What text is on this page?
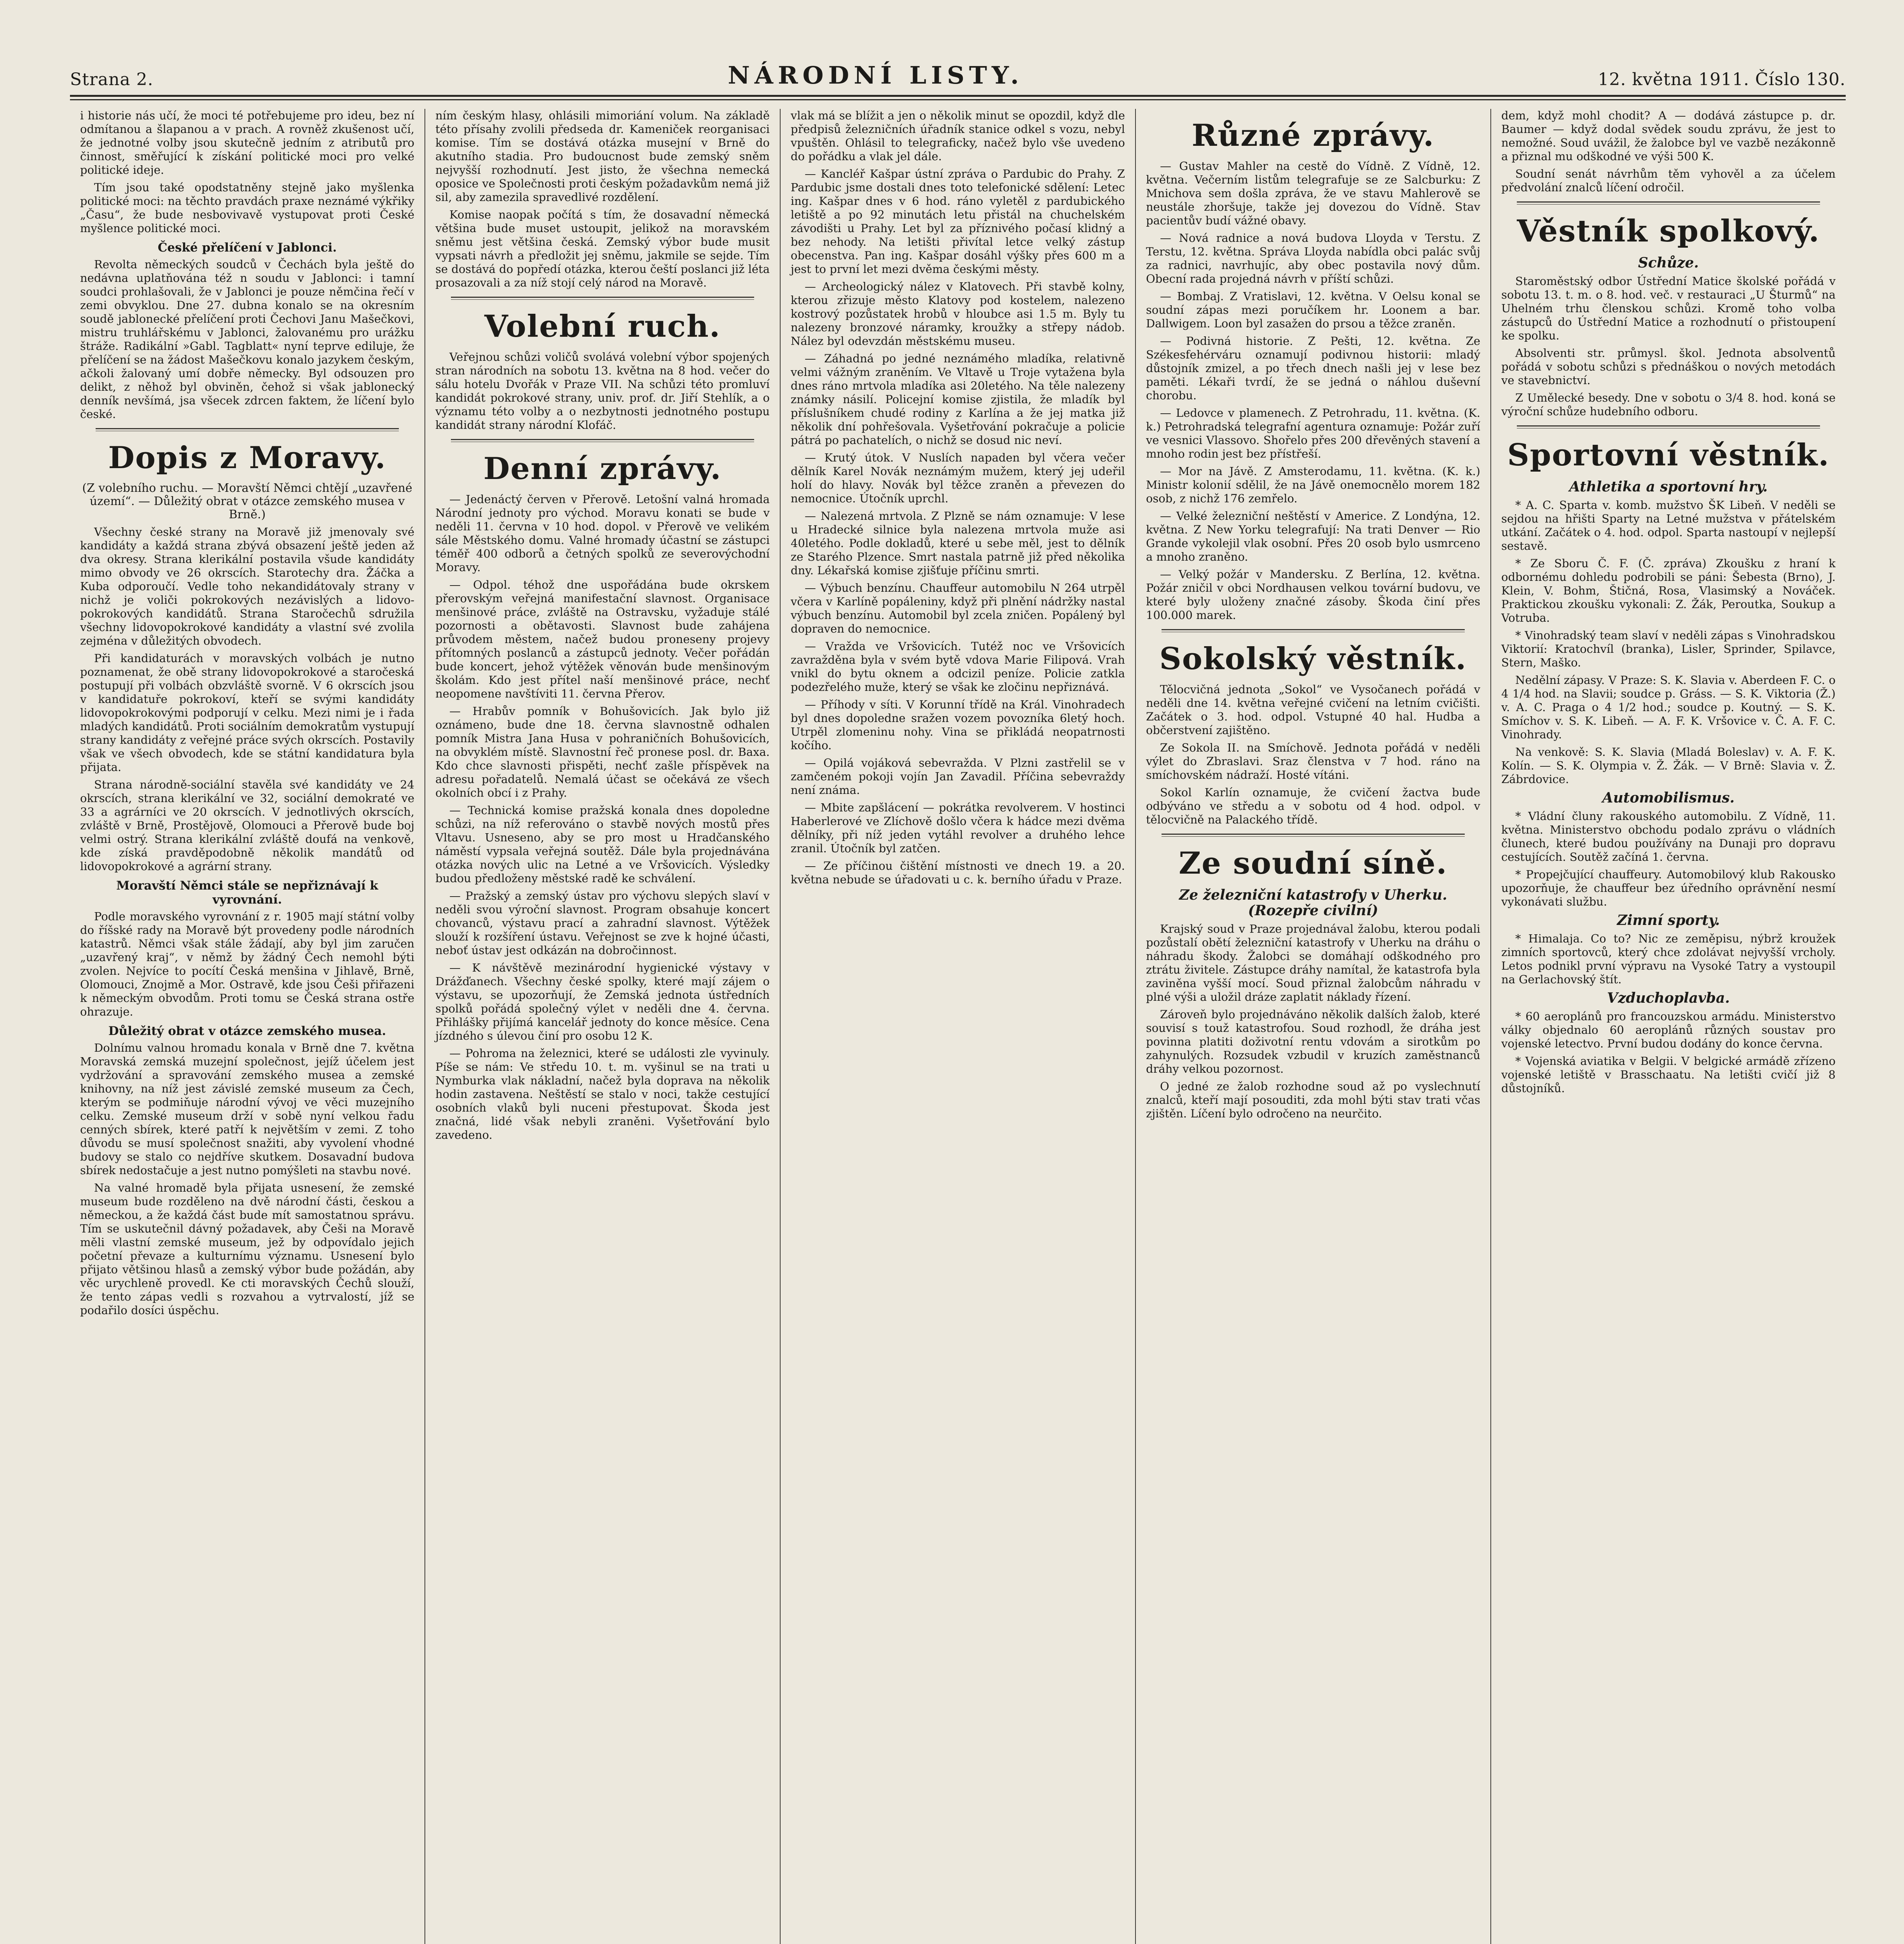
Strana 2.	NÁRODNÍ LISTY.	12. května 1911. Číslo 130.

i historie nás učí, že moci té potřebujeme pro ideu, bez ní odmítanou a šlapanou a v prach. A rovněž zkušenost učí, že jednotné volby jsou skutečně jedním z atributů pro činnost, směřující k získání politické moci pro velké politické ideje.

Tím jsou také opodstatněny stejně jako myšlenka politické moci: na těchto pravdách praxe neznámé výkřiky „Času“, že bude nesbovivavě vystupovat proti České myšlence politické moci.

České přelíčení v Jablonci.

Revolta německých soudců v Čechách byla ještě do nedávna uplatňována též n soudu v Jablonci: i tamní soudci prohlašovali, že v Jablonci je pouze němčina řečí v zemi obvyklou. Dne 27. dubna konalo se na okresním soudě jablonecké přelíčení proti Čechovi Janu Mašečkovi, mistru truhlářskému v Jablonci, žalovanému pro urážku štráže. Radikální »Gabl. Tagblatt« nyní teprve ediluje, že přelíčení se na žádost Mašečkovu konalo jazykem českým, ačkoli žalovaný umí dobře německy. Byl odsouzen pro delikt, z něhož byl obviněn, čehož si však jablonecký denník nevšímá, jsa všecek zdrcen faktem, že líčení bylo české.

Dopis z Moravy.
(Z volebního ruchu. — Moravští Němci chtějí „uzavřené území“. — Důležitý obrat v otázce zemského musea v Brně.)

Všechny české strany na Moravě již jmenovaly své kandidáty a každá strana zbývá obsazení ještě jeden až dva okresy. Strana klerikální postavila všude kandidáty mimo obvody ve 26 okrscích. Starotechy dra. Žáčka a Kuba odporoučí. Vedle toho nekandidátovaly strany v nichž je voliči pokrokových nezávislých a lidovopokrokových kandidátů. Strana Staročechů sdružila všechny lidovopokrokové kandidáty a vlastní své zvolila zejména v důležitých obvodech.

Při kandidaturách v moravských volbách je nutno poznamenat, že obě strany lidovopokrokové a staročeská postupují při volbách obzvláště svorně. V 6 okrscích jsou v kandidatuře pokrokoví, kteří se svými kandidáty lidovopokrokovými podporují v celku. Mezi nimi je i řada mladých kandidátů. Proti sociálním demokratům vystupují strany kandidáty z veřejné práce svých okrscích. Postavily však ve všech obvodech, kde se státní kandidatura byla přijata.

Strana národně-sociální stavěla své kandidáty ve 24 okrscích, strana klerikální ve 32, sociální demokraté ve 33 a agrárníci ve 20 okrscích. V jednotlivých okrscích, zvláště v Brně, Prostějově, Olomouci a Přerově bude boj velmi ostrý. Strana klerikální zvláště doufá na venkově, kde získá pravděpodobně několik mandátů od lidovopokrokové a agrární strany.

Moravští Němci stále se nepřiznávají k vyrovnání.

Podle moravského vyrovnání z r. 1905 mají státní volby do říšské rady na Moravě být provedeny podle národních katastrů. Němci však stále žádají, aby byl jim zaručen „uzavřený kraj“, v němž by žádný Čech nemohl býti zvolen. Nejvíce to pocítí Česká menšina v Jihlavě, Brně, Olomouci, Znojmě a Mor. Ostravě, kde jsou Češi přiřazeni k německým obvodům. Proti tomu se Česká strana ostře ohrazuje.

Důležitý obrat v otázce zemského musea.

Dolnímu valnou hromadu konala v Brně dne 7. května Moravská zemská muzejní společnost, jejíž účelem jest vydržování a spravování zemského musea a zemské knihovny, na níž jest závislé zemské museum za Čech, kterým se podmiňuje národní vývoj ve věci muzejního celku. Zemské museum drží v sobě nyní velkou řadu cenných sbírek, které patří k největším v zemi. Z toho důvodu se musí společnost snažiti, aby vyvolení vhodné budovy se stalo co nejdříve skutkem. Dosavadní budova sbírek nedostačuje a jest nutno pomýšleti na stavbu nové.

Na valné hromadě byla přijata usnesení, že zemské museum bude rozděleno na dvě národní části, českou a německou, a že každá část bude mít samostatnou správu. Tím se uskutečnil dávný požadavek, aby Češi na Moravě měli vlastní zemské museum, jež by odpovídalo jejich početní převaze a kulturnímu významu. Usnesení bylo přijato většinou hlasů a zemský výbor bude požádán, aby věc urychleně provedl. Ke cti moravských Čechů slouží, že tento zápas vedli s rozvahou a vytrvalostí, jíž se podařilo dosíci úspěchu.

ním českým hlasy, ohlásili mimoriání volum. Na základě této přísahy zvolili předseda dr. Kameniček reorganisaci komise. Tím se dostává otázka musejní v Brně do akutního stadia. Pro budoucnost bude zemský sněm nejvyšší rozhodnutí. Jest jisto, že všechna nemecká oposice ve Společnosti proti českým požadavkům nemá již sil, aby zamezila spravedlivé rozdělení.

Komise naopak počítá s tím, že dosavadní německá většina bude muset ustoupit, jelikož na moravském sněmu jest většina česká. Zemský výbor bude musit vypsati návrh a předložit jej sněmu, jakmile se sejde. Tím se dostává do popředí otázka, kterou čeští poslanci již léta prosazovali a za níž stojí celý národ na Moravě.

Volební ruch.

Veřejnou schůzi voličů svolává volební výbor spojených stran národních na sobotu 13. května na 8 hod. večer do sálu hotelu Dvořák v Praze VII. Na schůzi této promluví kandidát pokrokové strany, univ. prof. dr. Jiří Stehlík, a o významu této volby a o nezbytnosti jednotného postupu kandidát strany národní Klofáč.

Denní zprávy.

— Jedenáctý červen v Přerově. Letošní valná hromada Národní jednoty pro východ. Moravu konati se bude v neděli 11. června v 10 hod. dopol. v Přerově ve velikém sále Městského domu. Valné hromady účastní se zástupci téměř 400 odborů a četných spolků ze severovýchodní Moravy.

— Odpol. téhož dne uspořádána bude okrskem přerovským veřejná manifestační slavnost. Organisace menšinové práce, zvláště na Ostravsku, vyžaduje stálé pozornosti a obětavosti. Slavnost bude zahájena průvodem městem, načež budou proneseny projevy přítomných poslanců a zástupců jednoty. Večer pořádán bude koncert, jehož výtěžek věnován bude menšinovým školám. Kdo jest přítel naší menšinové práce, nechť neopomene navštíviti 11. června Přerov.

— Hrabův pomník v Bohušovicích. Jak bylo již oznámeno, bude dne 18. června slavnostně odhalen pomník Mistra Jana Husa v pohraničních Bohušovicích, na obvyklém místě. Slavnostní řeč pronese posl. dr. Baxa. Kdo chce slavnosti přispěti, nechť zašle příspěvek na adresu pořadatelů. Nemalá účast se očekává ze všech okolních obcí i z Prahy.

— Technická komise pražská konala dnes dopoledne schůzi, na níž referováno o stavbě nových mostů přes Vltavu. Usneseno, aby se pro most u Hradčanského náměstí vypsala veřejná soutěž. Dále byla projednávána otázka nových ulic na Letné a ve Vršovicích. Výsledky budou předloženy městské radě ke schválení.

— Pražský a zemský ústav pro výchovu slepých slaví v neděli svou výroční slavnost. Program obsahuje koncert chovanců, výstavu prací a zahradní slavnost. Výtěžek slouží k rozšíření ústavu. Veřejnost se zve k hojné účasti, neboť ústav jest odkázán na dobročinnost.

— K návštěvě mezinárodní hygienické výstavy v Drážďanech. Všechny české spolky, které mají zájem o výstavu, se upozorňují, že Zemská jednota ústředních spolků pořádá společný výlet v neděli dne 4. června. Přihlášky přijímá kancelář jednoty do konce měsíce. Cena jízdného s úlevou činí pro osobu 12 K.

— Pohroma na železnici, které se události zle vyvinuly. Píše se nám: Ve středu 10. t. m. vyšinul se na trati u Nymburka vlak nákladní, načež byla doprava na několik hodin zastavena. Neštěstí se stalo v noci, takže cestující osobních vlaků byli nuceni přestupovat. Škoda jest značná, lidé však nebyli zraněni. Vyšetřování bylo zavedeno.

vlak má se blížit a jen o několik minut se opozdil, když dle předpisů železničních úřadník stanice odkel s vozu, nebyl vpuštěn. Ohlásil to telegraficky, načež bylo vše uvedeno do pořádku a vlak jel dále.

— Kancléř Kašpar ústní zpráva o Pardubic do Prahy. Z Pardubic jsme dostali dnes toto telefonické sdělení: Letec ing. Kašpar dnes v 6 hod. ráno vyletěl z pardubického letiště a po 92 minutách letu přistál na chuchelském závodišti u Prahy. Let byl za příznivého počasí klidný a bez nehody. Na letišti přivítal letce velký zástup obecenstva. Pan ing. Kašpar dosáhl výšky přes 600 m a jest to první let mezi dvěma českými městy.

— Archeologický nález v Klatovech. Při stavbě kolny, kterou zřizuje město Klatovy pod kostelem, nalezeno kostrový pozůstatek hrobů v hloubce asi 1.5 m. Byly tu nalezeny bronzové náramky, kroužky a střepy nádob. Nález byl odevzdán městskému museu.

— Záhadná po jedné neznámého mladíka, relativně velmi vážným zraněním. Ve Vltavě u Troje vytažena byla dnes ráno mrtvola mladíka asi 20letého. Na těle nalezeny známky násilí. Policejní komise zjistila, že mladík byl příslušníkem chudé rodiny z Karlína a že jej matka již několik dní pohřešovala. Vyšetřování pokračuje a policie pátrá po pachatelích, o nichž se dosud nic neví.

— Krutý útok. V Nuslích napaden byl včera večer dělník Karel Novák neznámým mužem, který jej udeřil holí do hlavy. Novák byl těžce zraněn a převezen do nemocnice. Útočník uprchl.

— Nalezená mrtvola. Z Plzně se nám oznamuje: V lese u Hradecké silnice byla nalezena mrtvola muže asi 40letého. Podle dokladů, které u sebe měl, jest to dělník ze Starého Plzence. Smrt nastala patrně již před několika dny. Lékařská komise zjišťuje příčinu smrti.

— Výbuch benzínu. Chauffeur automobilu N 264 utrpěl včera v Karlíně popáleniny, když při plnění nádržky nastal výbuch benzínu. Automobil byl zcela zničen. Popálený byl dopraven do nemocnice.

— Vražda ve Vršovicích. Tutéž noc ve Vršovicích zavražděna byla v svém bytě vdova Marie Filipová. Vrah vnikl do bytu oknem a odcizil peníze. Policie zatkla podezřelého muže, který se však ke zločinu nepřiznává.

— Příhody v síti. V Korunní třídě na Král. Vinohradech byl dnes dopoledne sražen vozem povozníka 6letý hoch. Utrpěl zlomeninu nohy. Vina se přikládá neopatrnosti kočího.

— Opilá vojáková sebevražda. V Plzni zastřelil se v zamčeném pokoji vojín Jan Zavadil. Příčina sebevraždy není známa.

— Mbite zapšlácení — pokrátka revolverem. V hostinci Haberlerové ve Zlíchově došlo včera k hádce mezi dvěma dělníky, při níž jeden vytáhl revolver a druhého lehce zranil. Útočník byl zatčen.

— Ze příčinou čištění místnosti ve dnech 19. a 20. května nebude se úřadovati u c. k. berního úřadu v Praze.

Různé zprávy.

— Gustav Mahler na cestě do Vídně. Z Vídně, 12. května. Večerním listům telegrafuje se ze Salcburku: Z Mnichova sem došla zpráva, že ve stavu Mahlerově se neustále zhoršuje, takže jej dovezou do Vídně. Stav pacientův budí vážné obavy.

— Nová radnice a nová budova Lloyda v Terstu. Z Terstu, 12. května. Správa Lloyda nabídla obci palác svůj za radnici, navrhujíc, aby obec postavila nový dům. Obecní rada projedná návrh v příští schůzi.

— Bombaj. Z Vratislavi, 12. května. V Oelsu konal se soudní zápas mezi poručíkem hr. Loonem a bar. Dallwigem. Loon byl zasažen do prsou a těžce zraněn.

— Podivná historie. Z Pešti, 12. května. Ze Székesfehérváru oznamují podivnou historii: mladý důstojník zmizel, a po třech dnech našli jej v lese bez paměti. Lékaři tvrdí, že se jedná o náhlou duševní chorobu.

— Ledovce v plamenech. Z Petrohradu, 11. května. (K. k.) Petrohradská telegrafní agentura oznamuje: Požár zuří ve vesnici Vlassovo. Shořelo přes 200 dřevěných stavení a mnoho rodin jest bez přístřeší.

— Mor na Jávě. Z Amsterodamu, 11. května. (K. k.) Ministr kolonií sdělil, že na Jávě onemocnělo morem 182 osob, z nichž 176 zemřelo.

— Velké železniční neštěstí v Americe. Z Londýna, 12. května. Z New Yorku telegrafují: Na trati Denver — Rio Grande vykolejil vlak osobní. Přes 20 osob bylo usmrceno a mnoho zraněno.

— Velký požár v Mandersku. Z Berlína, 12. května. Požár zničil v obci Nordhausen velkou tovární budovu, ve které byly uloženy značné zásoby. Škoda činí přes 100.000 marek.

Sokolský věstník.

Tělocvičná jednota „Sokol“ ve Vysočanech pořádá v neděli dne 14. května veřejné cvičení na letním cvičišti. Začátek o 3. hod. odpol. Vstupné 40 hal. Hudba a občerstvení zajištěno.

Ze Sokola II. na Smíchově. Jednota pořádá v neděli výlet do Zbraslavi. Sraz členstva v 7 hod. ráno na smíchovském nádraží. Hosté vítáni.

Sokol Karlín oznamuje, že cvičení žactva bude odbýváno ve středu a v sobotu od 4 hod. odpol. v tělocvičně na Palackého třídě.

Ze soudní síně.
Ze železniční katastrofy v Uherku. (Rozepře civilní)

Krajský soud v Praze projednával žalobu, kterou podali pozůstalí obětí železniční katastrofy v Uherku na dráhu o náhradu škody. Žalobci se domáhají odškodného pro ztrátu živitele. Zástupce dráhy namítal, že katastrofa byla zaviněna vyšší mocí. Soud přiznal žalobcům náhradu v plné výši a uložil dráze zaplatit náklady řízení.

Zároveň bylo projednáváno několik dalších žalob, které souvisí s touž katastrofou. Soud rozhodl, že dráha jest povinna platiti doživotní rentu vdovám a sirotkům po zahynulých. Rozsudek vzbudil v kruzích zaměstnanců dráhy velkou pozornost.

O jedné ze žalob rozhodne soud až po vyslechnutí znalců, kteří mají posouditi, zda mohl býti stav trati včas zjištěn. Líčení bylo odročeno na neurčito.

dem, když mohl chodit? A — dodává zástupce p. dr. Baumer — když dodal svědek soudu zprávu, že jest to nemožné. Soud uvážil, že žalobce byl ve vazbě nezákonně a přiznal mu odškodné ve výši 500 K.

Soudní senát návrhům těm vyhověl a za účelem předvolání znalců líčení odročil.

Věstník spolkový.
Schůze.

Staroměstský odbor Ústřední Matice školské pořádá v sobotu 13. t. m. o 8. hod. več. v restauraci „U Šturmů“ na Uhelném trhu členskou schůzi. Kromě toho volba zástupců do Ústřední Matice a rozhodnutí o přistoupení ke spolku.

Absolventi str. průmysl. škol. Jednota absolventů pořádá v sobotu schůzi s přednáškou o nových metodách ve stavebnictví.

Z Umělecké besedy. Dne v sobotu o 3/4 8. hod. koná se výroční schůze hudebního odboru.

Sportovní věstník.
Athletika a sportovní hry.

* A. C. Sparta v. komb. mužstvo ŠK Libeň. V neděli se sejdou na hřišti Sparty na Letné mužstva v přátelském utkání. Začátek o 4. hod. odpol. Sparta nastoupí v nejlepší sestavě.

* Ze Sboru Č. F. (Č. zpráva) Zkoušku z hraní k odbornému dohledu podrobili se páni: Šebesta (Brno), J. Klein, V. Bohm, Štičná, Rosa, Vlasimský a Nováček. Praktickou zkoušku vykonali: Z. Žák, Peroutka, Soukup a Votruba.

* Vinohradský team slaví v neděli zápas s Vinohradskou Viktorií: Kratochvíl (branka), Lisler, Sprinder, Spilavce, Stern, Maško.

Nedělní zápasy. V Praze: S. K. Slavia v. Aberdeen F. C. o 4 1/4 hod. na Slavii; soudce p. Gráss. — S. K. Viktoria (Ž.) v. A. C. Praga o 4 1/2 hod.; soudce p. Koutný. — S. K. Smíchov v. S. K. Libeň. — A. F. K. Vršovice v. Č. A. F. C. Vinohrady.

Na venkově: S. K. Slavia (Mladá Boleslav) v. A. F. K. Kolín. — S. K. Olympia v. Ž. Žák. — V Brně: Slavia v. Ž. Zábrdovice.

Automobilismus.

* Vládní čluny rakouského automobilu. Z Vídně, 11. května. Ministerstvo obchodu podalo zprávu o vládních člunech, které budou používány na Dunaji pro dopravu cestujících. Soutěž začíná 1. června.

* Propejčující chauffeury. Automobilový klub Rakousko upozorňuje, že chauffeur bez úředního oprávnění nesmí vykonávati službu.

Zimní sporty.

* Himalaja. Co to? Nic ze zeměpisu, nýbrž kroužek zimních sportovců, který chce zdolávat nejvyšší vrcholy. Letos podnikl první výpravu na Vysoké Tatry a vystoupil na Gerlachovský štít.

Vzduchoplavba.

* 60 aeroplánů pro francouzskou armádu. Ministerstvo války objednalo 60 aeroplánů různých soustav pro vojenské letectvo. První budou dodány do konce června.

* Vojenská aviatika v Belgii. V belgické armádě zřízeno vojenské letiště v Brasschaatu. Na letišti cvičí již 8 důstojníků.
